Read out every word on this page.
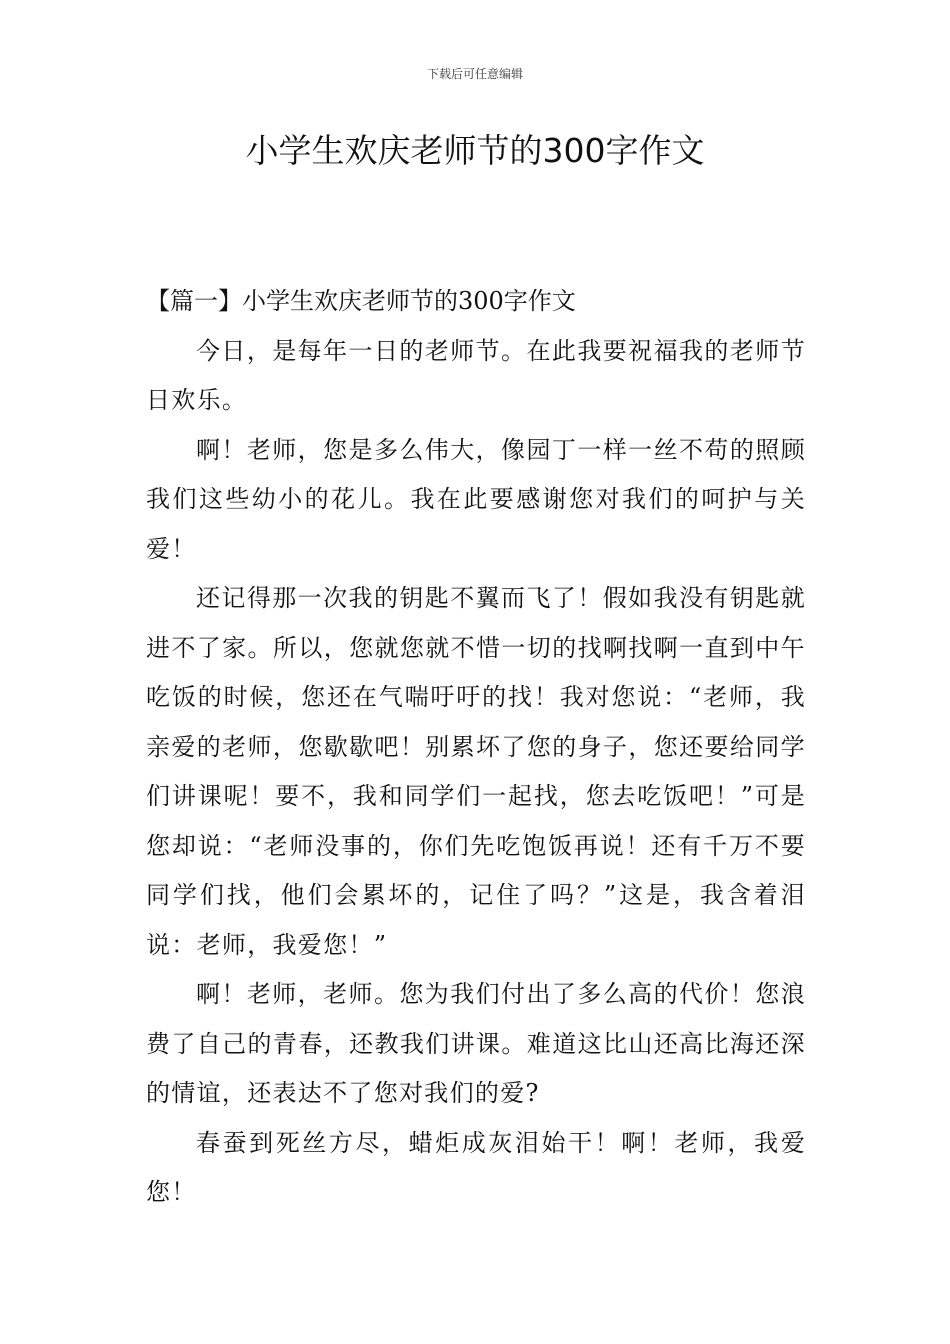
下载后可任意编辑
小学生欢庆老师节的300字作文

【篇一】小学生欢庆老师节的300字作文

今日，是每年一日的老师节。在此我要祝福我的老师节日欢乐。

啊！老师，您是多么伟大，像园丁一样一丝不苟的照顾我们这些幼小的花儿。我在此要感谢您对我们的呵护与关爱！

还记得那一次我的钥匙不翼而飞了！假如我没有钥匙就进不了家。所以，您就您就不惜一切的找啊找啊一直到中午吃饭的时候，您还在气喘吁吁的找！我对您说：“老师，我亲爱的老师，您歇歇吧！别累坏了您的身子，您还要给同学们讲课呢！要不，我和同学们一起找，您去吃饭吧！”可是您却说：“老师没事的，你们先吃饱饭再说！还有千万不要同学们找，他们会累坏的，记住了吗？”这是，我含着泪说：老师，我爱您！”

啊！老师，老师。您为我们付出了多么高的代价！您浪费了自己的青春，还教我们讲课。难道这比山还高比海还深的情谊，还表达不了您对我们的爱?

春蚕到死丝方尽，蜡炬成灰泪始干！啊！老师，我爱您！
